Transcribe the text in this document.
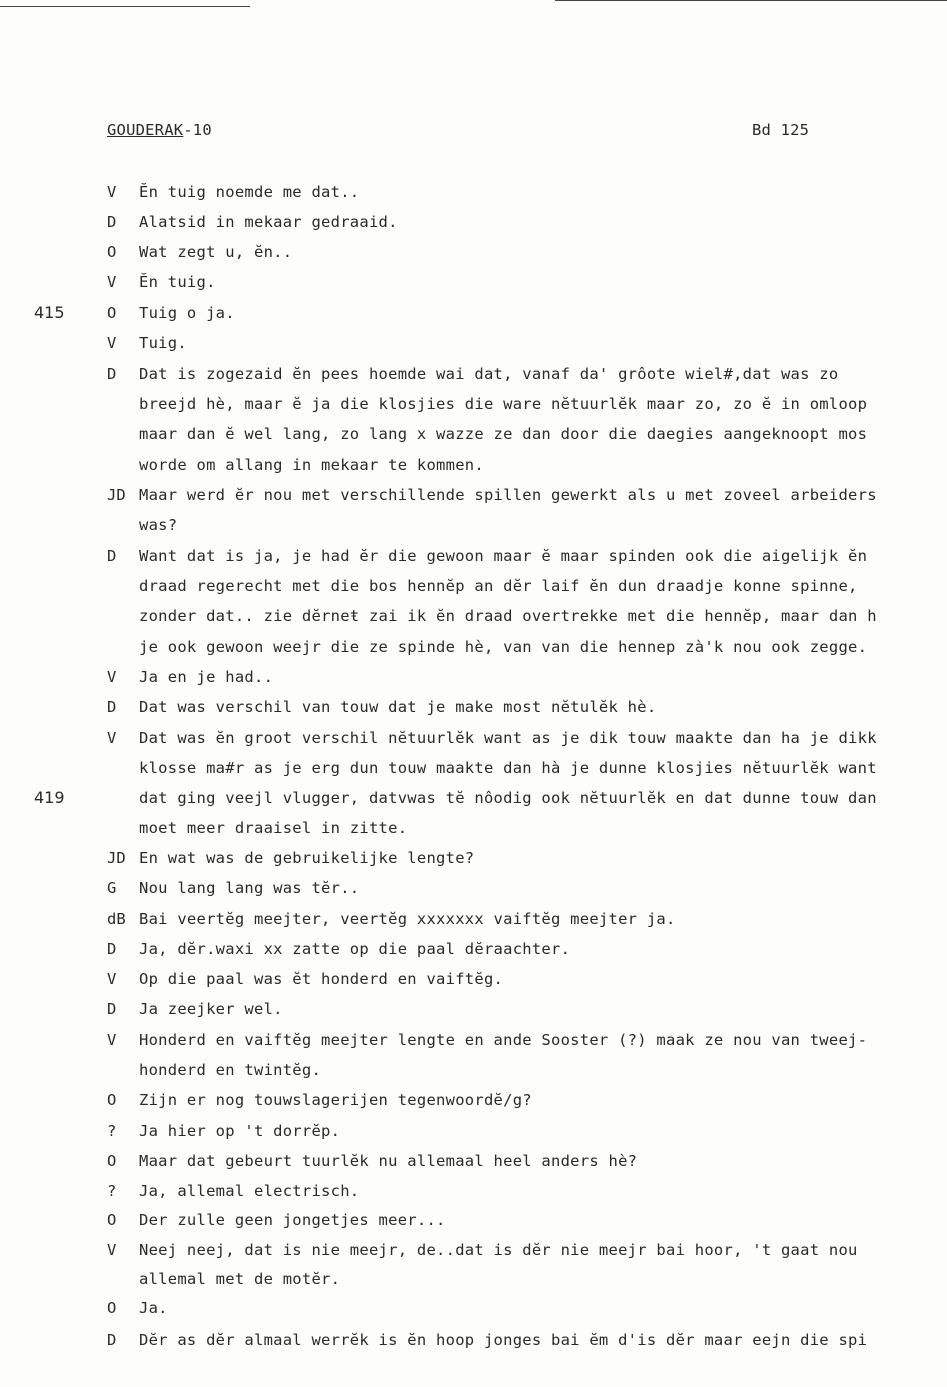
GOUDERAK-10	Bd 125
415
419
V Ĕn tuig noemde me dat..
D Alatsid in mekaar gedraaid.
O Wat zegt u, ĕn..
V Ĕn tuig.
O Tuig o ja.
V Tuig.
D Dat is zogezaid ĕn pees hoemde wai dat, vanaf da' grôote wiel#,dat was zo
breejd hè, maar ĕ ja die klosjies die ware nĕtuurlĕk maar zo, zo ĕ in omloop
maar dan ĕ wel lang, zo lang x wazze ze dan door die daegies aangeknoopt mos
worde om allang in mekaar te kommen.
JD Maar werd ĕr nou met verschillende spillen gewerkt als u met zoveel arbeiders
was?
D Want dat is ja, je had ĕr die gewoon maar ĕ maar spinden ook die aigelijk ĕn
draad regerecht met die bos hennĕp an dĕr laif ĕn dun draadje konne spinne,
zonder dat.. zie dĕrneŧ zai ik ĕn draad overtrekke met die hennĕp, maar dan h
je ook gewoon weejr die ze spinde hè, van van die hennep zà'k nou ook zegge.
V Ja en je had..
D Dat was verschil van touw dat je make most nĕtulĕk hè.
V Dat was ĕn groot verschil nĕtuurlĕk want as je dik touw maakte dan ha je dikk
klosse ma#r as je erg dun touw maakte dan hà je dunne klosjies nĕtuurlĕk want
dat ging veejl vlugger, datvwas tĕ nôodig ook nĕtuurlĕk en dat dunne touw dan
moet meer draaisel in zitte.
JD En wat was de gebruikelijke lengte?
G Nou lang lang was tĕr..
dB Bai veertĕg meejter, veertĕg xxxxxxx vaiftĕg meejter ja.
D Ja, dĕr.waxi xx zatte op die paal dĕraachter.
V Op die paal was ĕt honderd en vaiftĕg.
D Ja zeejker wel.
V Honderd en vaiftĕg meejter lengte en ande Sooster (?) maak ze nou van tweej-
honderd en twintĕg.
O Zijn er nog touwslagerijen tegenwoordĕ/g?
? Ja hier op 't dorrĕp.
O Maar dat gebeurt tuurlĕk nu allemaal heel anders hè?
? Ja, allemal electrisch.
O Der zulle geen jongetjes meer...
V Neej neej, dat is nie meejr, de..dat is dĕr nie meejr bai hoor, 't gaat nou
allemal met de motĕr.
O Ja.
D Dĕr as dĕr almaal werrĕk is ĕn hoop jonges bai ĕm d'is dĕr maar eejn die spi
